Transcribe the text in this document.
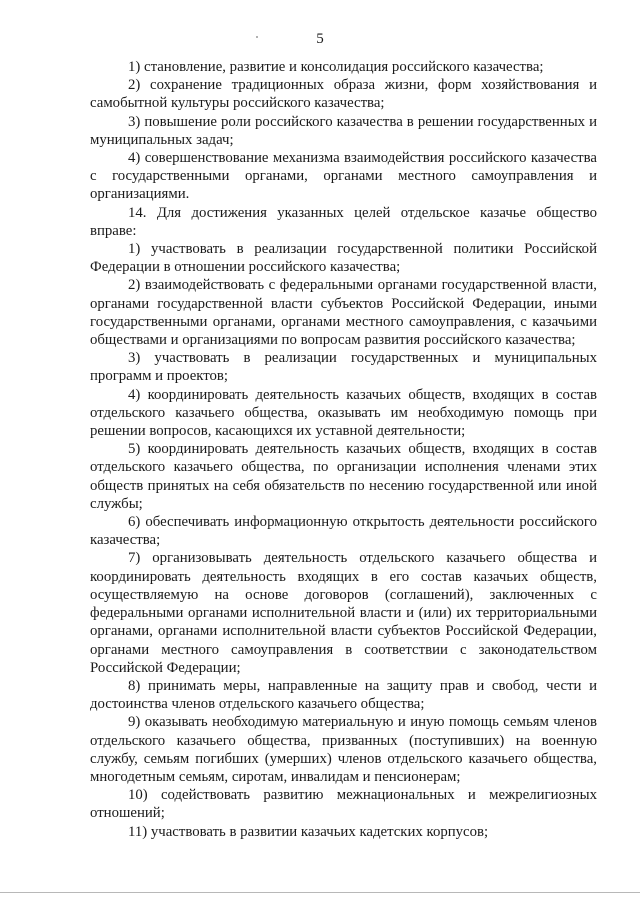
5

1) становление, развитие и консолидация российского казачества;

2) сохранение традиционных образа жизни, форм хозяйствования и самобытной культуры российского казачества;

3) повышение роли российского казачества в решении государственных и муниципальных задач;

4) совершенствование механизма взаимодействия российского казачества с государственными органами, органами местного самоуправления и организациями.

14. Для достижения указанных целей отдельское казачье общество вправе:

1) участвовать в реализации государственной политики Российской Федерации в отношении российского казачества;

2) взаимодействовать с федеральными органами государственной власти, органами государственной власти субъектов Российской Федерации, иными государственными органами, органами местного самоуправления, с казачьими обществами и организациями по вопросам развития российского казачества;

3) участвовать в реализации государственных и муниципальных программ и проектов;

4) координировать деятельность казачьих обществ, входящих в состав отдельского казачьего общества, оказывать им необходимую помощь при решении вопросов, касающихся их уставной деятельности;

5) координировать деятельность казачьих обществ, входящих в состав отдельского казачьего общества, по организации исполнения членами этих обществ принятых на себя обязательств по несению государственной или иной службы;

6) обеспечивать информационную открытость деятельности российского казачества;

7) организовывать деятельность отдельского казачьего общества и координировать деятельность входящих в его состав казачьих обществ, осуществляемую на основе договоров (соглашений), заключенных с федеральными органами исполнительной власти и (или) их территориальными органами, органами исполнительной власти субъектов Российской Федерации, органами местного самоуправления в соответствии с законодательством Российской Федерации;

8) принимать меры, направленные на защиту прав и свобод, чести и достоинства членов отдельского казачьего общества;

9) оказывать необходимую материальную и иную помощь семьям членов отдельского казачьего общества, призванных (поступивших) на военную службу, семьям погибших (умерших) членов отдельского казачьего общества, многодетным семьям, сиротам, инвалидам и пенсионерам;

10) содействовать развитию межнациональных и межрелигиозных отношений;

11) участвовать в развитии казачьих кадетских корпусов;
